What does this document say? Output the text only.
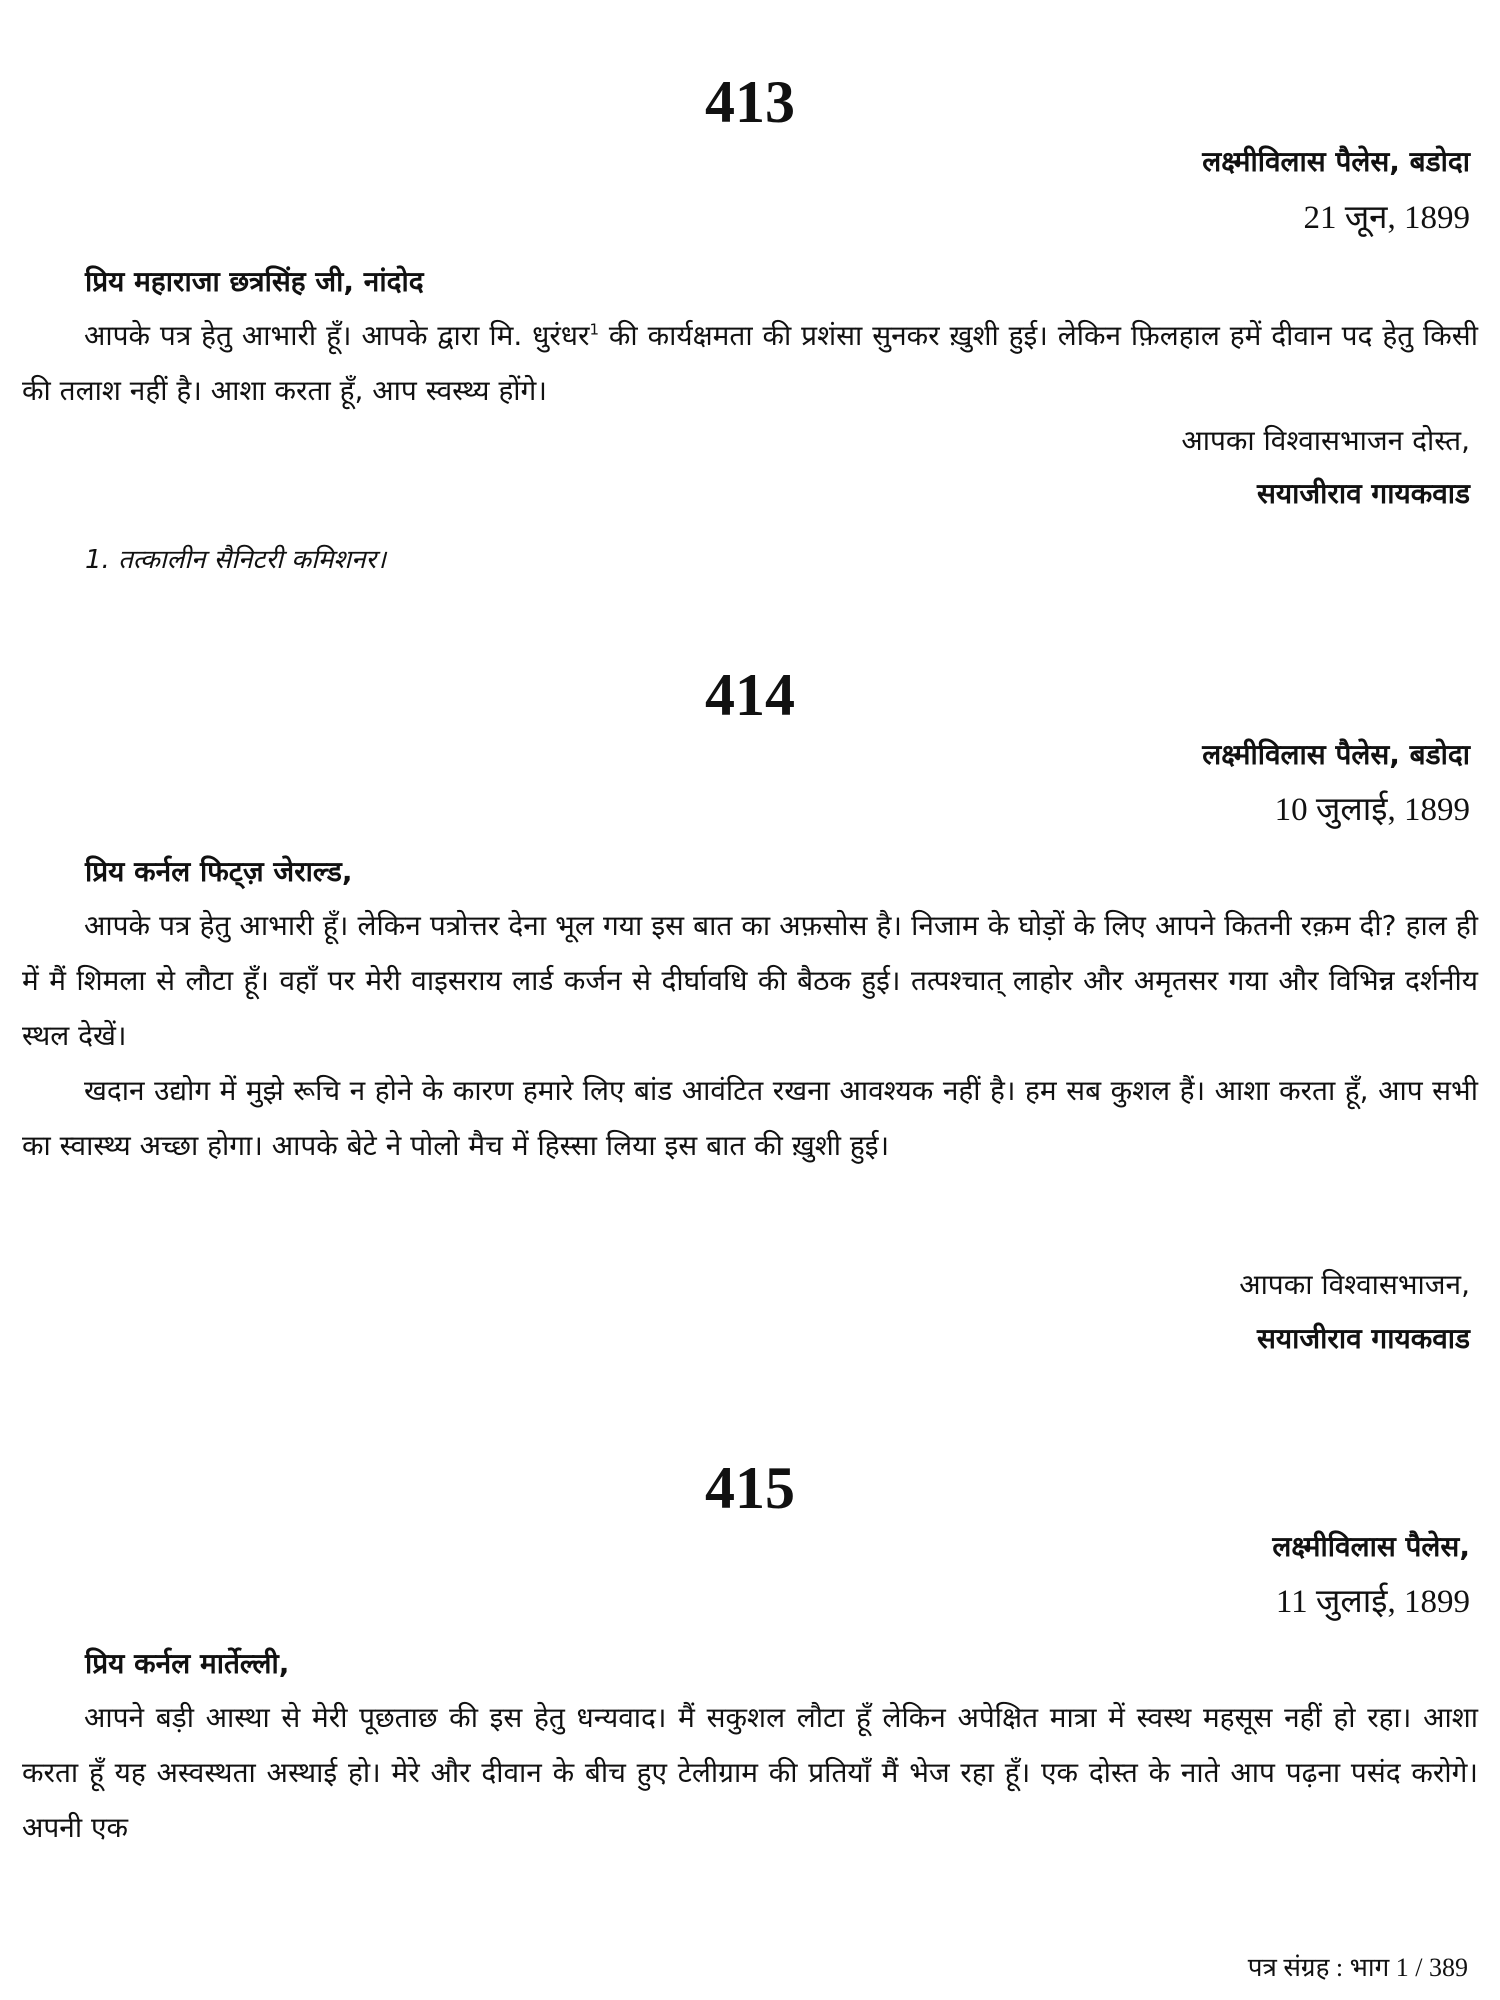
413
लक्ष्मीविलास पैलेस, बडोदा
21 जून, 1899
प्रिय महाराजा छत्रसिंह जी, नांदोद

आपके पत्र हेतु आभारी हूँ। आपके द्वारा मि. धुरंधर$^1$ की कार्यक्षमता की प्रशंसा सुनकर ख़ुशी हुई। लेकिन फ़िलहाल हमें दीवान पद हेतु किसी की तलाश नहीं है। आशा करता हूँ, आप स्वस्थ्य होंगे।

आपका विश्वासभाजन दोस्त,
सयाजीराव गायकवाड
1. तत्कालीन सैनिटरी कमिशनर।
414
लक्ष्मीविलास पैलेस, बडोदा
10 जुलाई, 1899
प्रिय कर्नल फिट्ज़ जेराल्ड,

आपके पत्र हेतु आभारी हूँ। लेकिन पत्रोत्तर देना भूल गया इस बात का अफ़सोस है। निजाम के घोड़ों के लिए आपने कितनी रक़म दी? हाल ही में मैं शिमला से लौटा हूँ। वहाँ पर मेरी वाइसराय लार्ड कर्जन से दीर्घावधि की बैठक हुई। तत्पश्चात् लाहोर और अमृतसर गया और विभिन्न दर्शनीय स्थल देखें।

खदान उद्योग में मुझे रूचि न होने के कारण हमारे लिए बांड आवंटित रखना आवश्यक नहीं है। हम सब कुशल हैं। आशा करता हूँ, आप सभी का स्वास्थ्य अच्छा होगा। आपके बेटे ने पोलो मैच में हिस्सा लिया इस बात की ख़ुशी हुई।

आपका विश्वासभाजन,
सयाजीराव गायकवाड
415
लक्ष्मीविलास पैलेस,
11 जुलाई, 1899
प्रिय कर्नल मार्तेल्ली,

आपने बड़ी आस्था से मेरी पूछताछ की इस हेतु धन्यवाद। मैं सकुशल लौटा हूँ लेकिन अपेक्षित मात्रा में स्वस्थ महसूस नहीं हो रहा। आशा करता हूँ यह अस्वस्थता अस्थाई हो। मेरे और दीवान के बीच हुए टेलीग्राम की प्रतियाँ मैं भेज रहा हूँ। एक दोस्त के नाते आप पढ़ना पसंद करोगे। अपनी एक

पत्र संग्रह : भाग 1 / 389
